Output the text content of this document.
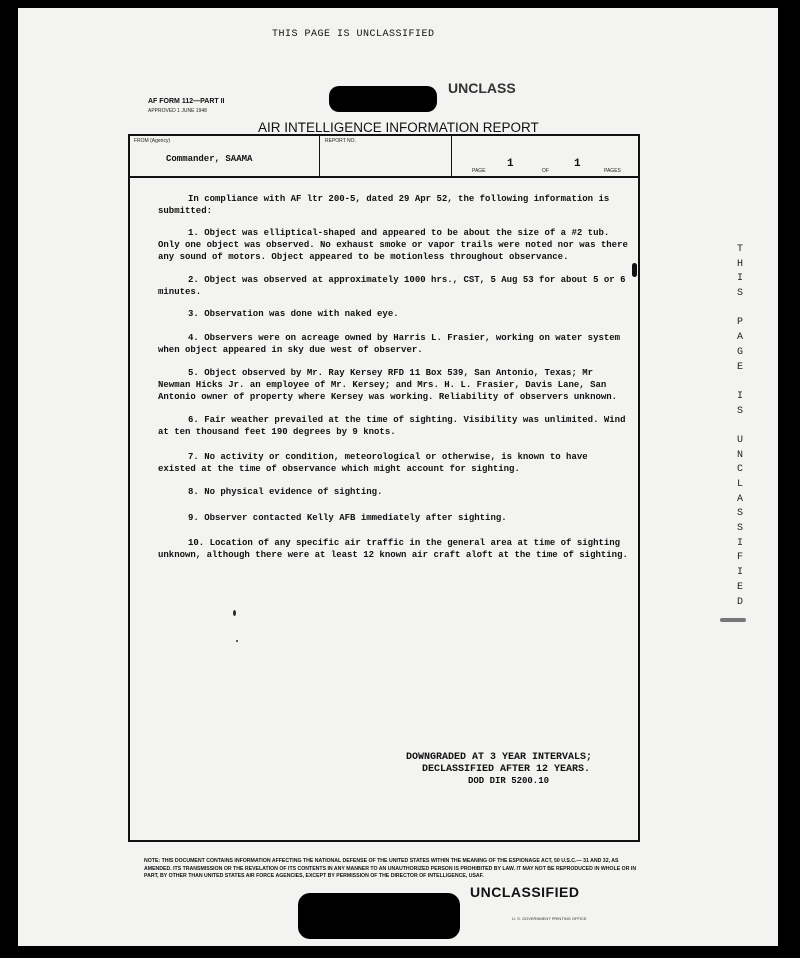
THIS PAGE IS UNCLASSIFIED
UNCLASS
AF FORM 112—PART II
APPROVED 1 JUNE 1948
AIR INTELLIGENCE INFORMATION REPORT
FROM (Agency)
Commander, SAAMA
REPORT NO.
PAGE
1
OF
1
PAGES
In compliance with AF ltr 200-5, dated 29 Apr 52, the following information is submitted:
1. Object was elliptical-shaped and appeared to be about the size of a #2 tub. Only one object was observed. No exhaust smoke or vapor trails were noted nor was there any sound of motors. Object appeared to be motionless throughout observance.
2. Object was observed at approximately 1000 hrs., CST, 5 Aug 53 for about 5 or 6 minutes.
3. Observation was done with naked eye.
4. Observers were on acreage owned by Harris L. Frasier, working on water system when object appeared in sky due west of observer.
5. Object observed by Mr. Ray Kersey RFD 11 Box 539, San Antonio, Texas; Mr Newman Hicks Jr. an employee of Mr. Kersey; and Mrs. H. L. Frasier, Davis Lane, San Antonio owner of property where Kersey was working. Reliability of observers unknown.
6. Fair weather prevailed at the time of sighting. Visibility was unlimited. Wind at ten thousand feet 190 degrees by 9 knots.
7. No activity or condition, meteorological or otherwise, is known to have existed at the time of observance which might account for sighting.
8. No physical evidence of sighting.
9. Observer contacted Kelly AFB immediately after sighting.
10. Location of any specific air traffic in the general area at time of sighting unknown, although there were at least 12 known air craft aloft at the time of sighting.
T
H
I
S
P
A
G
E
I
S
U
N
C
L
A
S
S
I
F
I
E
D
DOWNGRADED AT 3 YEAR INTERVALS;
DECLASSIFIED AFTER 12 YEARS.
DOD DIR 5200.10
NOTE: THIS DOCUMENT CONTAINS INFORMATION AFFECTING THE NATIONAL DEFENSE OF THE UNITED STATES WITHIN THE MEANING OF THE ESPIONAGE ACT, 50 U.S.C.— 31 AND 32, AS AMENDED. ITS TRANSMISSION OR THE REVELATION OF ITS CONTENTS IN ANY MANNER TO AN UNAUTHORIZED PERSON IS PROHIBITED BY LAW. IT MAY NOT BE REPRODUCED IN WHOLE OR IN PART, BY OTHER THAN UNITED STATES AIR FORCE AGENCIES, EXCEPT BY PERMISSION OF THE DIRECTOR OF INTELLIGENCE, USAF.
UNCLASSIFIED
U. S. GOVERNMENT PRINTING OFFICE
